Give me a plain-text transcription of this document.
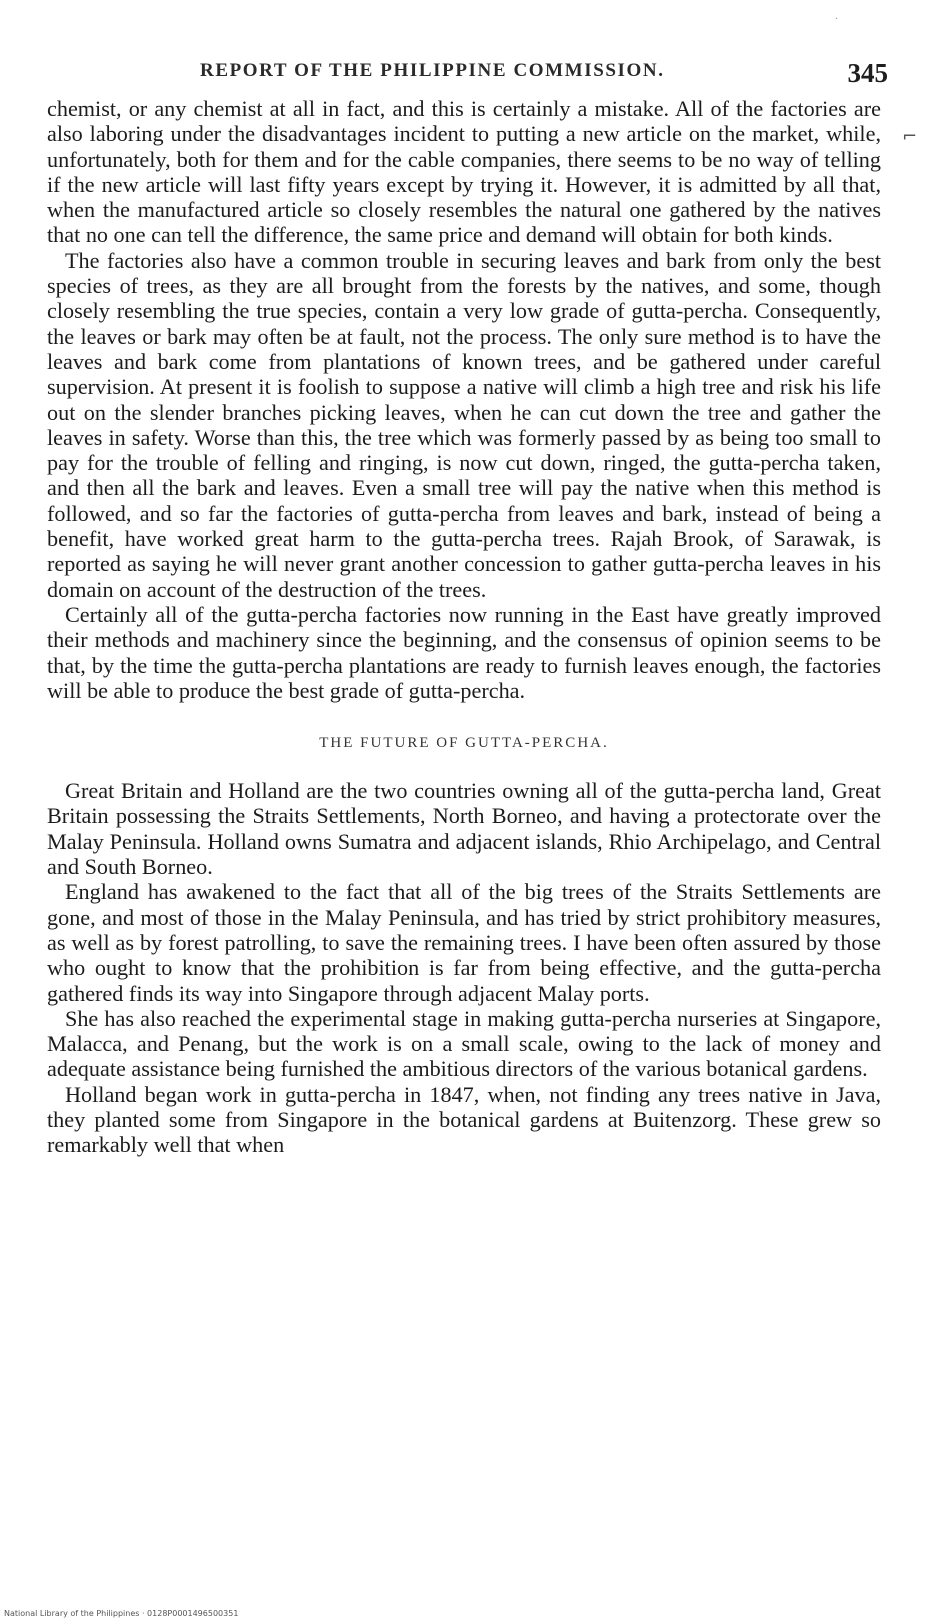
·
REPORT OF THE PHILIPPINE COMMISSION.	345
⌐

chemist, or any chemist at all in fact, and this is certainly a mistake. All of the factories are also laboring under the disadvantages incident to putting a new article on the market, while, unfortunately, both for them and for the cable companies, there seems to be no way of telling if the new article will last fifty years except by trying it. However, it is admitted by all that, when the manufactured article so closely resembles the natural one gathered by the natives that no one can tell the difference, the same price and demand will obtain for both kinds.

The factories also have a common trouble in securing leaves and bark from only the best species of trees, as they are all brought from the forests by the natives, and some, though closely resembling the true species, contain a very low grade of gutta-percha. Consequently, the leaves or bark may often be at fault, not the process. The only sure method is to have the leaves and bark come from plantations of known trees, and be gathered under careful supervision. At present it is foolish to suppose a native will climb a high tree and risk his life out on the slender branches picking leaves, when he can cut down the tree and gather the leaves in safety. Worse than this, the tree which was formerly passed by as being too small to pay for the trouble of felling and ringing, is now cut down, ringed, the gutta-percha taken, and then all the bark and leaves. Even a small tree will pay the native when this method is followed, and so far the factories of gutta-percha from leaves and bark, instead of being a benefit, have worked great harm to the gutta-percha trees. Rajah Brook, of Sarawak, is reported as saying he will never grant another concession to gather gutta-percha leaves in his domain on account of the destruction of the trees.

Certainly all of the gutta-percha factories now running in the East have greatly improved their methods and machinery since the beginning, and the consensus of opinion seems to be that, by the time the gutta-percha plantations are ready to furnish leaves enough, the factories will be able to produce the best grade of gutta-percha.

THE FUTURE OF GUTTA-PERCHA.

Great Britain and Holland are the two countries owning all of the gutta-percha land, Great Britain possessing the Straits Settlements, North Borneo, and having a protectorate over the Malay Peninsula. Holland owns Sumatra and adjacent islands, Rhio Archipelago, and Central and South Borneo.

England has awakened to the fact that all of the big trees of the Straits Settlements are gone, and most of those in the Malay Peninsula, and has tried by strict prohibitory measures, as well as by forest patrolling, to save the remaining trees. I have been often assured by those who ought to know that the prohibition is far from being effective, and the gutta-percha gathered finds its way into Singapore through adjacent Malay ports.

She has also reached the experimental stage in making gutta-percha nurseries at Singapore, Malacca, and Penang, but the work is on a small scale, owing to the lack of money and adequate assistance being furnished the ambitious directors of the various botanical gardens.

Holland began work in gutta-percha in 1847, when, not finding any trees native in Java, they planted some from Singapore in the botanical gardens at Buitenzorg. These grew so remarkably well that when

National Library of the Philippines · 0128P0001496500351
